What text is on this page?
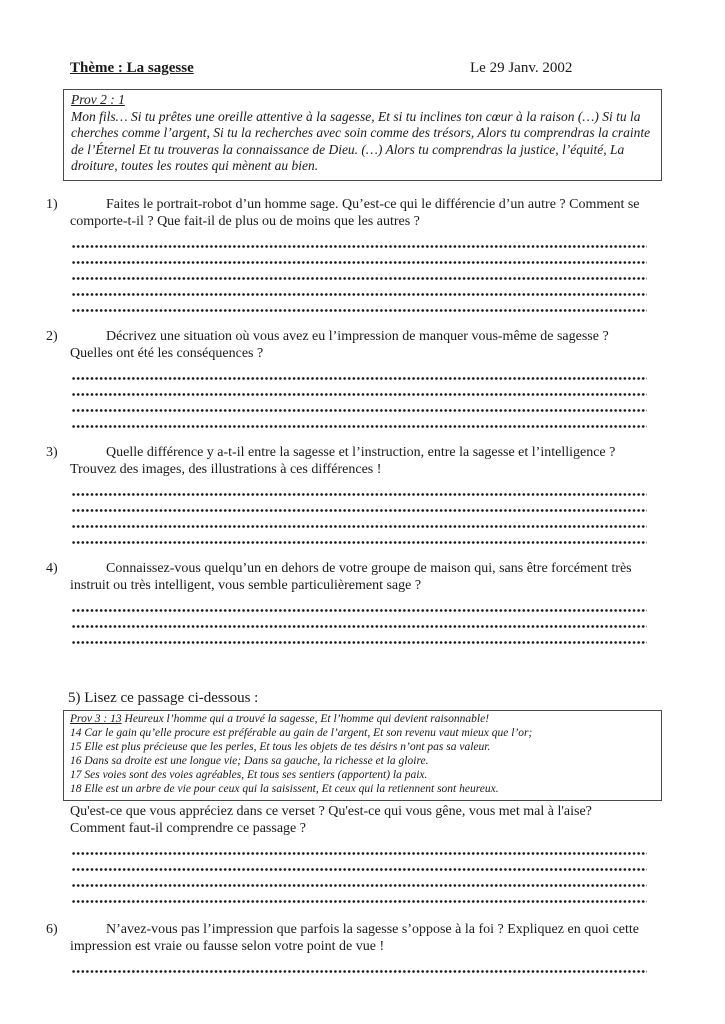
Thème : La sagesse	Le 29 Janv. 2002
Prov 2 : 1
Mon fils… Si tu prêtes une oreille attentive à la sagesse, Et si tu inclines ton cœur à la raison (…) Si tu la cherches comme l’argent, Si tu la recherches avec soin comme des trésors, Alors tu comprendras la crainte de l’Éternel Et tu trouveras la connaissance de Dieu. (…) Alors tu comprendras la justice, l’équité, La droiture, toutes les routes qui mènent au bien.
1)	Faites le portrait-robot d’un homme sage. Qu’est-ce qui le différencie d’un autre ? Comment se comporte-t-il ? Que fait-il de plus ou de moins que les autres ?
2)	Décrivez une situation où vous avez eu l’impression de manquer vous-même de sagesse ? Quelles ont été les conséquences ?
3)	Quelle différence y a-t-il entre la sagesse et l’instruction, entre la sagesse et l’intelligence ? Trouvez des images, des illustrations à ces différences !
4)	Connaissez-vous quelqu’un en dehors de votre groupe de maison qui, sans être forcément très instruit ou très intelligent, vous semble particulièrement sage ?
5) Lisez ce passage ci-dessous :
Prov 3 : 13 Heureux l’homme qui a trouvé la sagesse, Et l’homme qui devient raisonnable!
14 Car le gain qu’elle procure est préférable au gain de l’argent, Et son revenu vaut mieux que l’or;
15 Elle est plus précieuse que les perles, Et tous les objets de tes désirs n’ont pas sa valeur.
16 Dans sa droite est une longue vie; Dans sa gauche, la richesse et la gloire.
17 Ses voies sont des voies agréables, Et tous ses sentiers (apportent) la paix.
18 Elle est un arbre de vie pour ceux qui la saisissent, Et ceux qui la retiennent sont heureux.
Qu'est-ce que vous appréciez dans ce verset ? Qu'est-ce qui vous gêne, vous met mal à l'aise? Comment faut-il comprendre ce passage ?
6)	N’avez-vous pas l’impression que parfois la sagesse s’oppose à la foi ? Expliquez en quoi cette impression est vraie ou fausse selon votre point de vue !
